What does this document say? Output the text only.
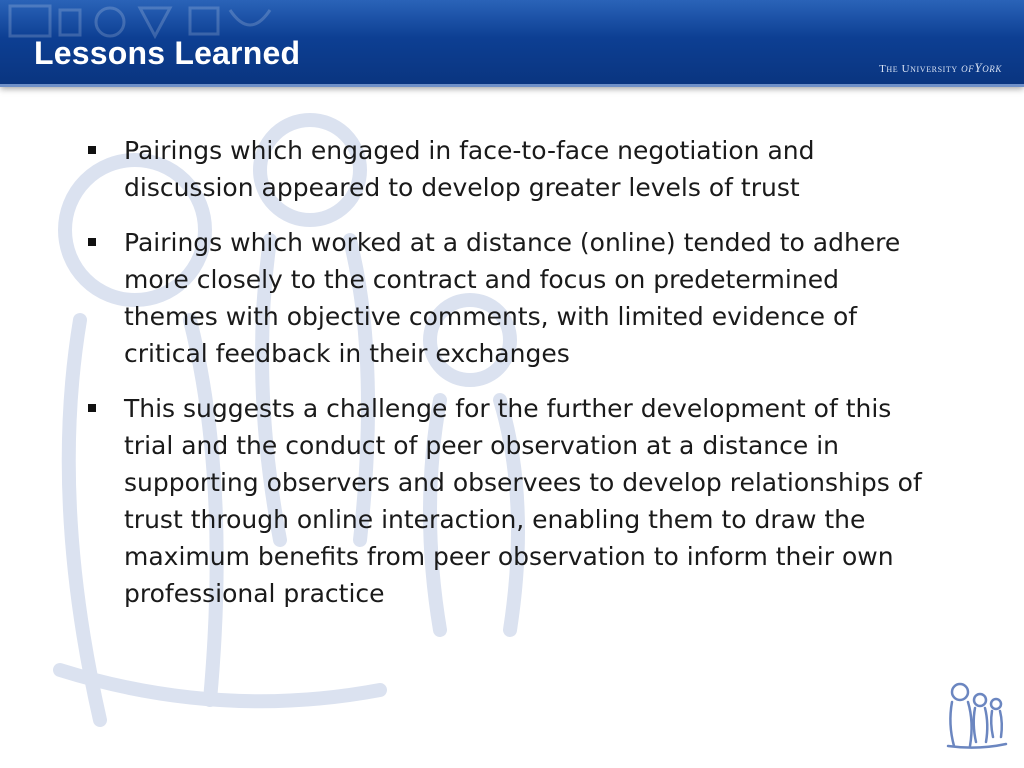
Lessons Learned	The University ofYork
Pairings which engaged in face-to-face negotiation and discussion appeared to develop greater levels of trust
Pairings which worked at a distance (online) tended to adhere more closely to the contract and focus on predetermined themes with objective comments, with limited evidence of critical feedback in their exchanges
This suggests a challenge for the further development of this trial and the conduct of peer observation at a distance in supporting observers and observees to develop relationships of trust through online interaction, enabling them to draw the maximum benefits from peer observation to inform their own professional practice
